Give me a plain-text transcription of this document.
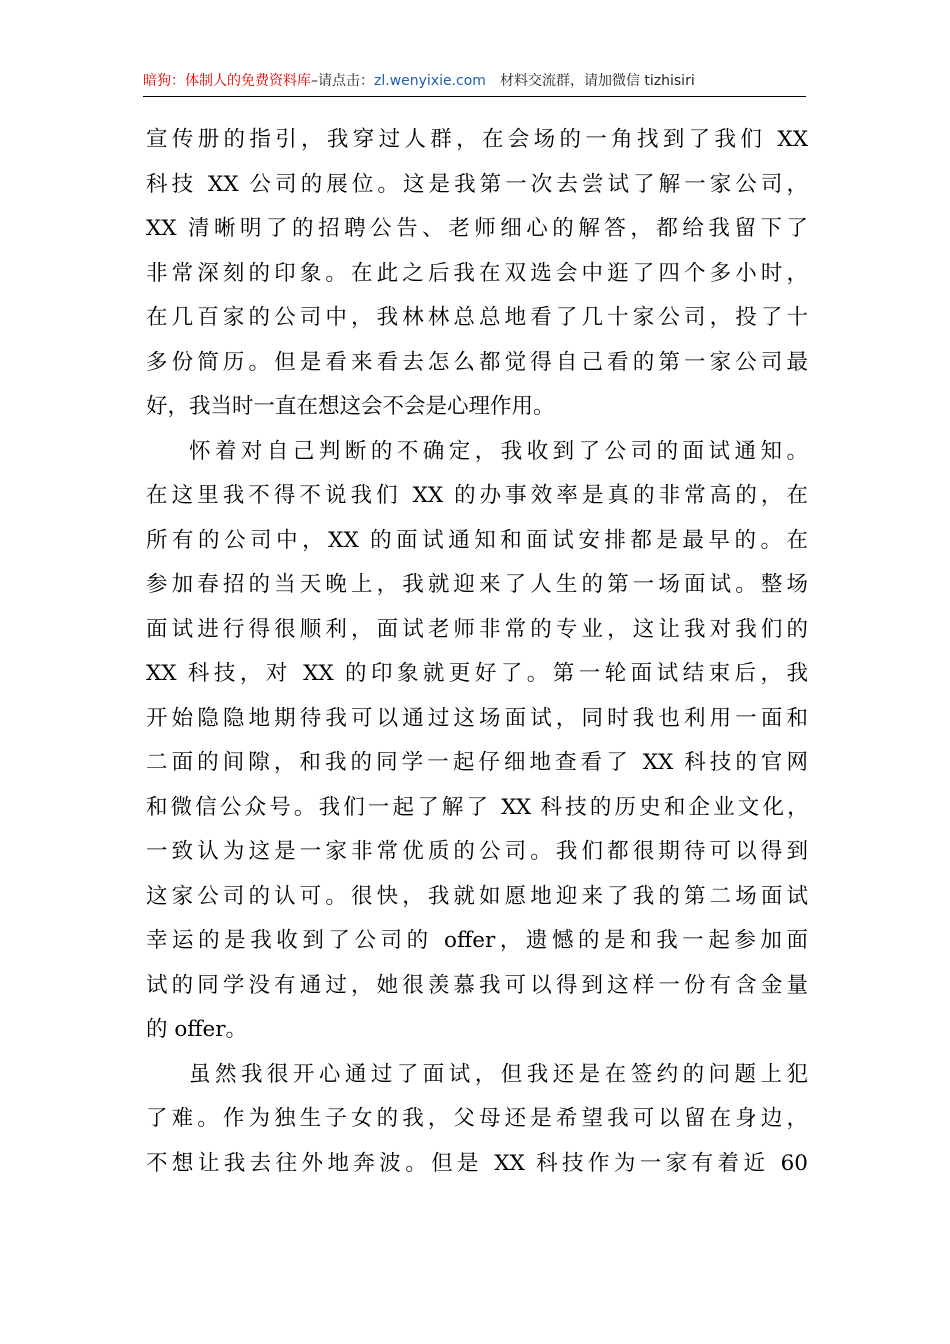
暗狗：体制人的免费资料库–请点击：zl.wenyixie.com 材料交流群，请加微信 tizhisiri
宣传册的指引，我穿过人群，在会场的一角找到了我们 XX
科技 XX 公司的展位。这是我第一次去尝试了解一家公司，
XX 清晰明了的招聘公告、老师细心的解答，都给我留下了
非常深刻的印象。在此之后我在双选会中逛了四个多小时，
在几百家的公司中，我林林总总地看了几十家公司，投了十
多份简历。但是看来看去怎么都觉得自己看的第一家公司最
好，我当时一直在想这会不会是心理作用。
怀着对自己判断的不确定，我收到了公司的面试通知。
在这里我不得不说我们 XX 的办事效率是真的非常高的，在
所有的公司中，XX 的面试通知和面试安排都是最早的。在
参加春招的当天晚上，我就迎来了人生的第一场面试。整场
面试进行得很顺利，面试老师非常的专业，这让我对我们的
XX 科技，对 XX 的印象就更好了。第一轮面试结束后，我
开始隐隐地期待我可以通过这场面试，同时我也利用一面和
二面的间隙，和我的同学一起仔细地查看了 XX 科技的官网
和微信公众号。我们一起了解了 XX 科技的历史和企业文化，
一致认为这是一家非常优质的公司。我们都很期待可以得到
这家公司的认可。很快，我就如愿地迎来了我的第二场面试
幸运的是我收到了公司的 offer，遗憾的是和我一起参加面
试的同学没有通过，她很羡慕我可以得到这样一份有含金量
的 offer。
虽然我很开心通过了面试，但我还是在签约的问题上犯
了难。作为独生子女的我，父母还是希望我可以留在身边，
不想让我去往外地奔波。但是 XX 科技作为一家有着近 60
